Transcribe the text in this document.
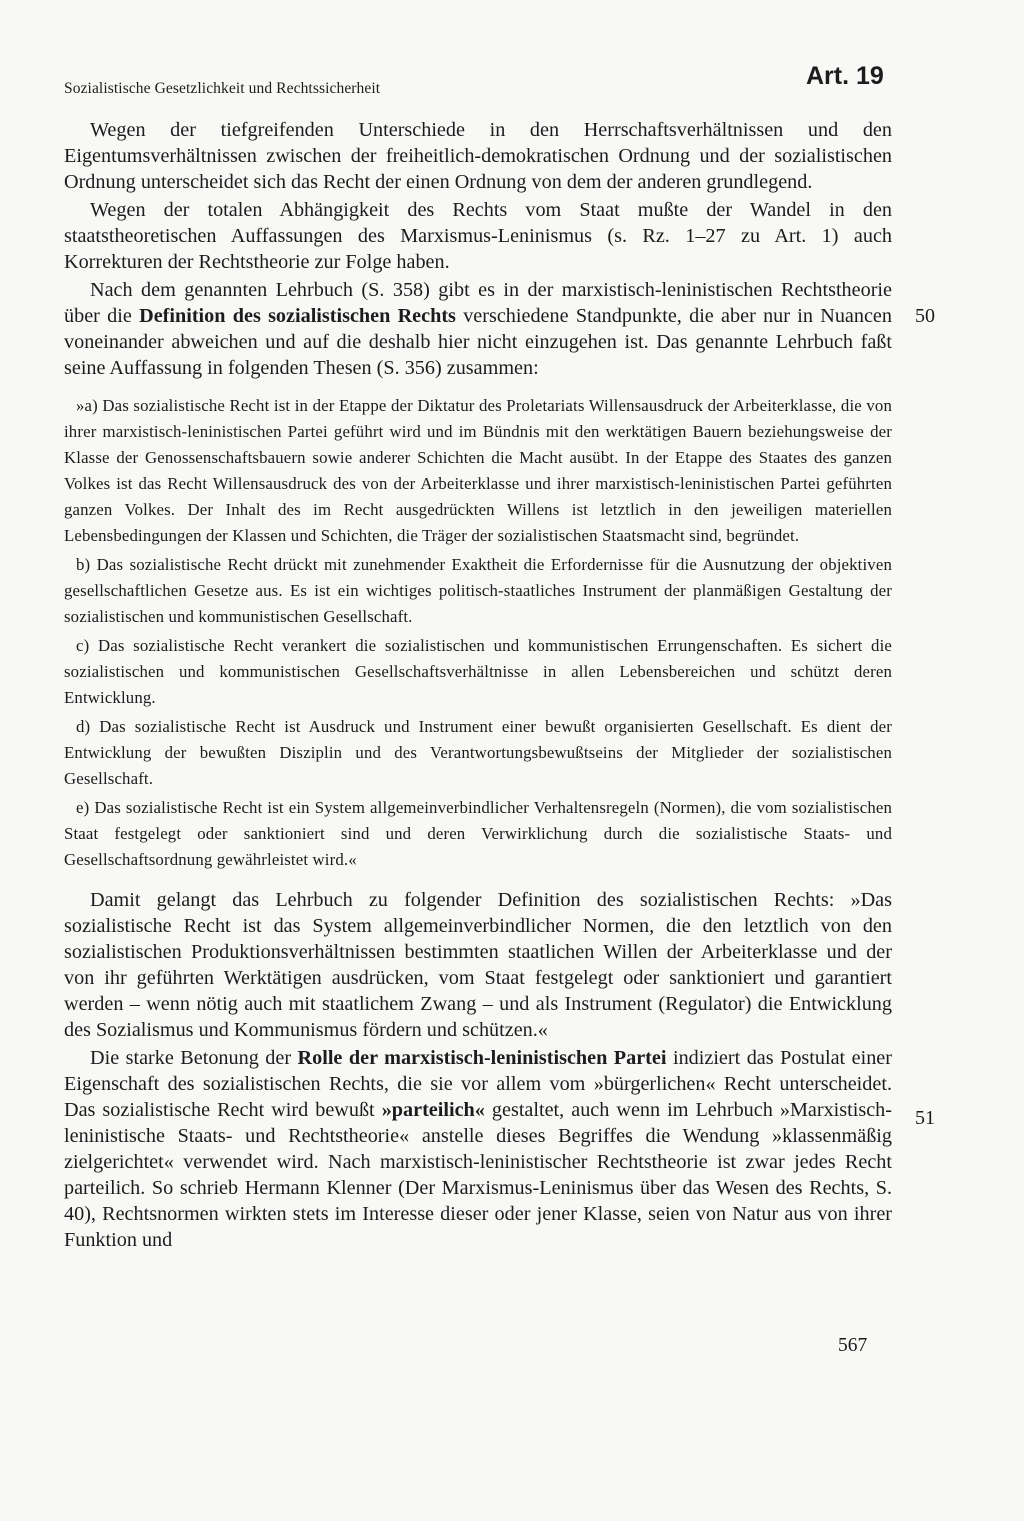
Sozialistische Gesetzlichkeit und Rechtssicherheit	Art. 19

Wegen der tiefgreifenden Unterschiede in den Herrschaftsverhältnissen und den Eigentumsverhältnissen zwischen der freiheitlich-demokratischen Ordnung und der sozialistischen Ordnung unterscheidet sich das Recht der einen Ordnung von dem der anderen grundlegend.

Wegen der totalen Abhängigkeit des Rechts vom Staat mußte der Wandel in den staatstheoretischen Auffassungen des Marxismus-Leninismus (s. Rz. 1–27 zu Art. 1) auch Korrekturen der Rechtstheorie zur Folge haben.

Nach dem genannten Lehrbuch (S. 358) gibt es in der marxistisch-leninistischen Rechtstheorie über die Definition des sozialistischen Rechts verschiedene Standpunkte, die aber nur in Nuancen voneinander abweichen und auf die deshalb hier nicht einzugehen ist. Das genannte Lehrbuch faßt seine Auffassung in folgenden Thesen (S. 356) zusammen:

»a) Das sozialistische Recht ist in der Etappe der Diktatur des Proletariats Willensausdruck der Arbeiterklasse, die von ihrer marxistisch-leninistischen Partei geführt wird und im Bündnis mit den werktätigen Bauern beziehungsweise der Klasse der Genossenschaftsbauern sowie anderer Schichten die Macht ausübt. In der Etappe des Staates des ganzen Volkes ist das Recht Willensausdruck des von der Arbeiterklasse und ihrer marxistisch-leninistischen Partei geführten ganzen Volkes. Der Inhalt des im Recht ausgedrückten Willens ist letztlich in den jeweiligen materiellen Lebensbedingungen der Klassen und Schichten, die Träger der sozialistischen Staatsmacht sind, begründet.

b) Das sozialistische Recht drückt mit zunehmender Exaktheit die Erfordernisse für die Ausnutzung der objektiven gesellschaftlichen Gesetze aus. Es ist ein wichtiges politisch-staatliches Instrument der planmäßigen Gestaltung der sozialistischen und kommunistischen Gesellschaft.

c) Das sozialistische Recht verankert die sozialistischen und kommunistischen Errungenschaften. Es sichert die sozialistischen und kommunistischen Gesellschaftsverhältnisse in allen Lebensbereichen und schützt deren Entwicklung.

d) Das sozialistische Recht ist Ausdruck und Instrument einer bewußt organisierten Gesellschaft. Es dient der Entwicklung der bewußten Disziplin und des Verantwortungsbewußtseins der Mitglieder der sozialistischen Gesellschaft.

e) Das sozialistische Recht ist ein System allgemeinverbindlicher Verhaltensregeln (Normen), die vom sozialistischen Staat festgelegt oder sanktioniert sind und deren Verwirklichung durch die sozialistische Staats- und Gesellschaftsordnung gewährleistet wird.«

Damit gelangt das Lehrbuch zu folgender Definition des sozialistischen Rechts: »Das sozialistische Recht ist das System allgemeinverbindlicher Normen, die den letztlich von den sozialistischen Produktionsverhältnissen bestimmten staatlichen Willen der Arbeiterklasse und der von ihr geführten Werktätigen ausdrücken, vom Staat festgelegt oder sanktioniert und garantiert werden – wenn nötig auch mit staatlichem Zwang – und als Instrument (Regulator) die Entwicklung des Sozialismus und Kommunismus fördern und schützen.«

Die starke Betonung der Rolle der marxistisch-leninistischen Partei indiziert das Postulat einer Eigenschaft des sozialistischen Rechts, die sie vor allem vom »bürgerlichen« Recht unterscheidet. Das sozialistische Recht wird bewußt »parteilich« gestaltet, auch wenn im Lehrbuch »Marxistisch-leninistische Staats- und Rechtstheorie« anstelle dieses Begriffes die Wendung »klassenmäßig zielgerichtet« verwendet wird. Nach marxistisch-leninistischer Rechtstheorie ist zwar jedes Recht parteilich. So schrieb Hermann Klenner (Der Marxismus-Leninismus über das Wesen des Rechts, S. 40), Rechtsnormen wirkten stets im Interesse dieser oder jener Klasse, seien von Natur aus von ihrer Funktion und

50
51
567
